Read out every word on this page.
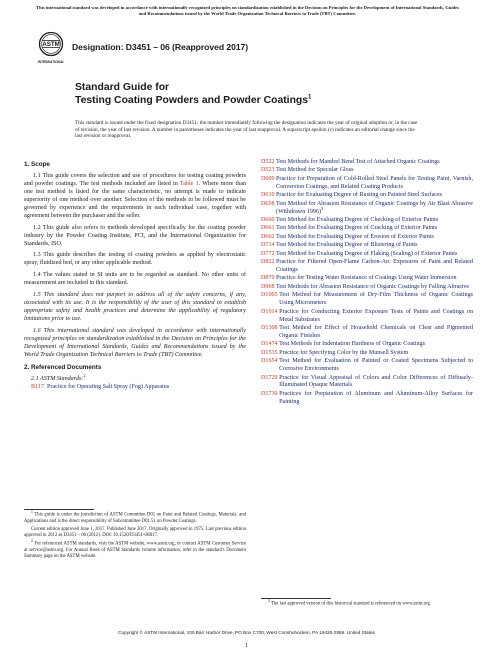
This international standard was developed in accordance with internationally recognized principles on standardization established in the Decision on Principles for the Development of International Standards, Guides and Recommendations issued by the World Trade Organization Technical Barriers to Trade (TBT) Committee.
ASTM
INTERNATIONAL
Designation: D3451 – 06 (Reapproved 2017)
Standard Guide for
Testing Coating Powders and Powder Coatings$^1$
This standard is issued under the fixed designation D3451; the number immediately following the designation indicates the year of original adoption or, in the case of revision, the year of last revision. A number in parentheses indicates the year of last reapproval. A superscript epsilon (ε) indicates an editorial change since the last revision or reapproval.
1. Scope

1.1 This guide covers the selection and use of procedures for testing coating powders and powder coatings. The test methods included are listed in Table 1. Where more than one test method is listed for the same characteristic, no attempt is made to indicate superiority of one method over another. Selection of the methods to be followed must be governed by experience and the requirements in each individual case, together with agreement between the purchaser and the seller.

1.2 This guide also refers to methods developed specifically for the coating powder industry by the Powder Coating Institute, PCI, and the International Organization for Standards, ISO.

1.3 This guide describes the testing of coating powders as applied by electrostatic spray, fluidized bed, or any other applicable method.

1.4 The values stated in SI units are to be regarded as standard. No other units of measurement are included in this standard.

1.5 This standard does not purport to address all of the safety concerns, if any, associated with its use. It is the responsibility of the user of this standard to establish appropriate safety and health practices and determine the applicability of regulatory limitations prior to use.

1.6 This international standard was developed in accordance with internationally recognized principles on standardization established in the Decision on Principles for the Development of International Standards, Guides and Recommendations issued by the World Trade Organization Technical Barriers to Trade (TBT) Committee.

2. Referenced Documents
2.1 ASTM Standards:$^2$
B117 Practice for Operating Salt Spray (Fog) Apparatus
D522 Test Methods for Mandrel Bend Test of Attached Organic Coatings
D523 Test Method for Specular Gloss
D609 Practice for Preparation of Cold-Rolled Steel Panels for Testing Paint, Varnish, Conversion Coatings, and Related Coating Products
D610 Practice for Evaluating Degree of Rusting on Painted Steel Surfaces
D658 Test Method for Abrasion Resistance of Organic Coatings by Air Blast Abrasive (Withdrawn 1996)$^3$
D660 Test Method for Evaluating Degree of Checking of Exterior Paints
D661 Test Method for Evaluating Degree of Cracking of Exterior Paints
D662 Test Method for Evaluating Degree of Erosion of Exterior Paints
D714 Test Method for Evaluating Degree of Blistering of Paints
D772 Test Method for Evaluating Degree of Flaking (Scaling) of Exterior Paints
D822 Practice for Filtered Open-Flame Carbon-Arc Exposures of Paint and Related Coatings
D870 Practice for Testing Water Resistance of Coatings Using Water Immersion
D968 Test Methods for Abrasion Resistance of Organic Coatings by Falling Abrasive
D1005 Test Method for Measurement of Dry-Film Thickness of Organic Coatings Using Micrometers
D1014 Practice for Conducting Exterior Exposure Tests of Paints and Coatings on Metal Substrates
D1308 Test Method for Effect of Household Chemicals on Clear and Pigmented Organic Finishes
D1474 Test Methods for Indentation Hardness of Organic Coatings
D1535 Practice for Specifying Color by the Munsell System
D1654 Test Method for Evaluation of Painted or Coated Specimens Subjected to Corrosive Environments
D1729 Practice for Visual Appraisal of Colors and Color Differences of Diffusely-Illuminated Opaque Materials
D1730 Practices for Preparation of Aluminum and Aluminum-Alloy Surfaces for Painting

$^1$ This guide is under the jurisdiction of ASTM Committee D01 on Paint and Related Coatings, Materials, and Applications and is the direct responsibility of Subcommittee D01.51 on Powder Coatings.

Current edition approved June 1, 2017. Published June 2017. Originally approved in 1975. Last previous edition approved in 2012 as D3451 – 06 (2012). DOI: 10.1520/D3451-06R17.

$^2$ For referenced ASTM standards, visit the ASTM website, www.astm.org, or contact ASTM Customer Service at service@astm.org. For Annual Book of ASTM Standards volume information, refer to the standard's Document Summary page on the ASTM website.

$^3$ The last approved version of this historical standard is referenced on www.astm.org.

Copyright © ASTM International, 100 Barr Harbor Drive, PO Box C700, West Conshohocken, PA 19428-2959. United States
1
